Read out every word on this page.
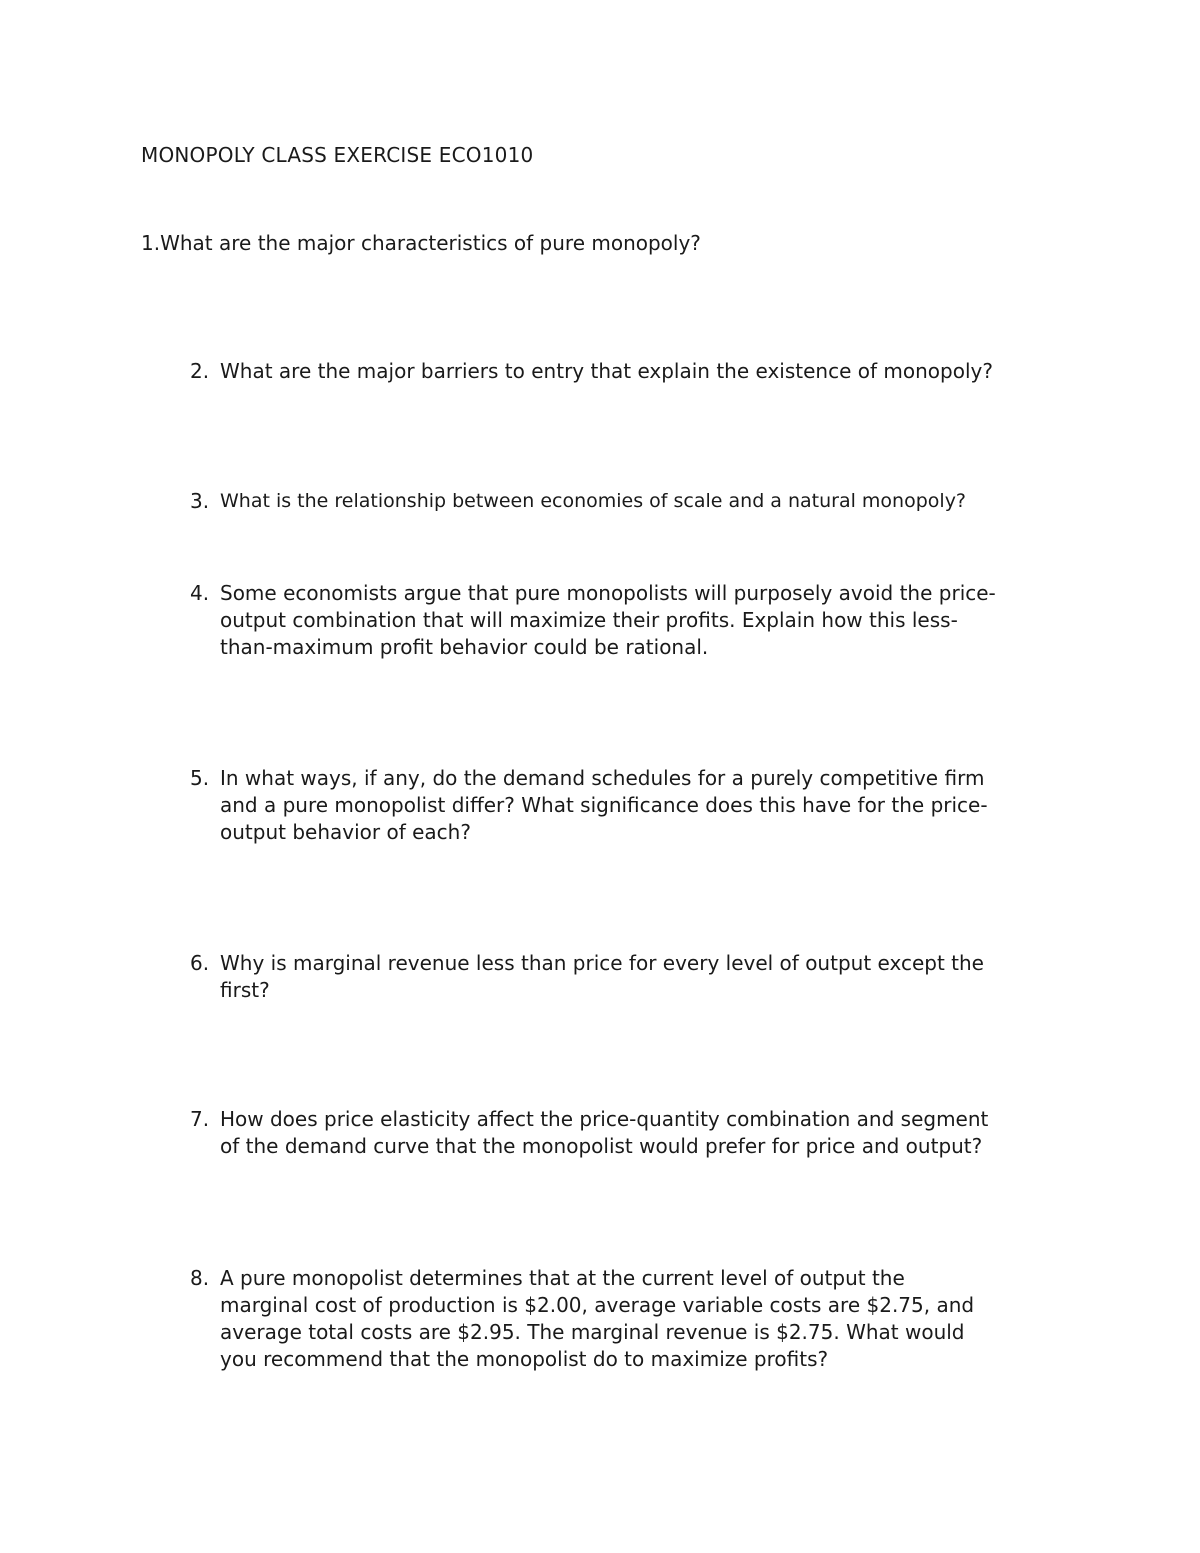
MONOPOLY CLASS EXERCISE ECO1010
1.What are the major characteristics of pure monopoly?
2. What are the major barriers to entry that explain the existence of monopoly?
3. What is the relationship between economies of scale and a natural monopoly?
4. Some economists argue that pure monopolists will purposely avoid the price-
output combination that will maximize their profits. Explain how this less-
than-maximum profit behavior could be rational.
5. In what ways, if any, do the demand schedules for a purely competitive firm
and a pure monopolist differ? What significance does this have for the price-
output behavior of each?
6. Why is marginal revenue less than price for every level of output except the
first?
7. How does price elasticity affect the price-quantity combination and segment
of the demand curve that the monopolist would prefer for price and output?
8. A pure monopolist determines that at the current level of output the
marginal cost of production is $2.00, average variable costs are $2.75, and
average total costs are $2.95. The marginal revenue is $2.75. What would
you recommend that the monopolist do to maximize profits?
